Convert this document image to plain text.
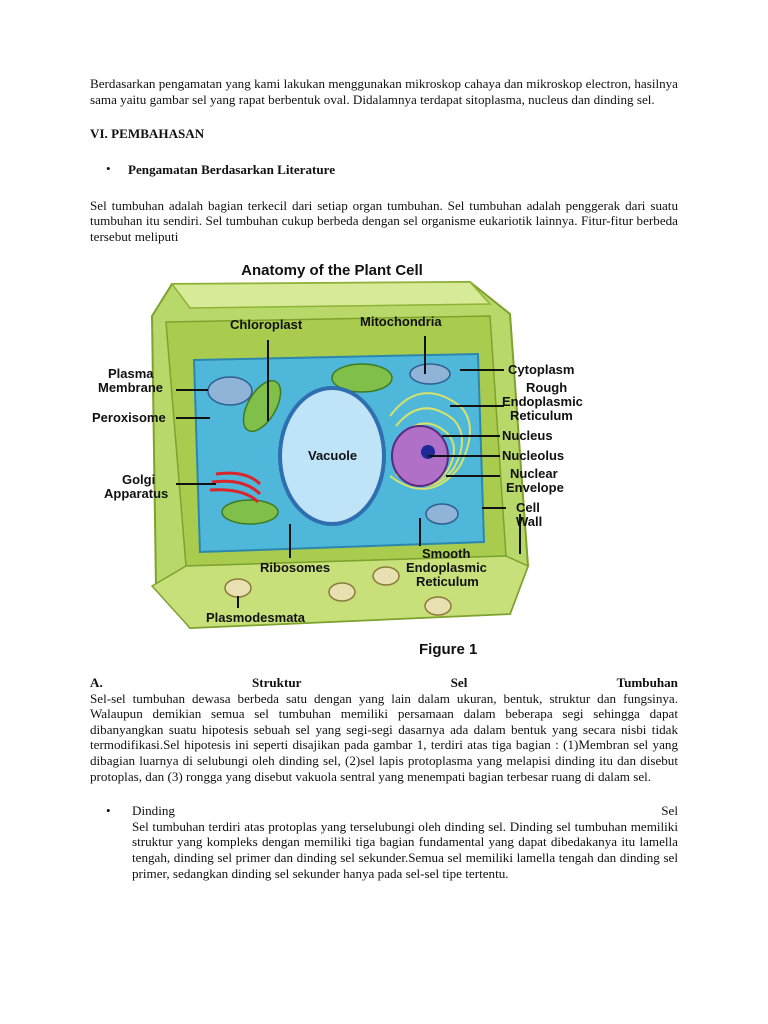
Berdasarkan pengamatan yang kami lakukan menggunakan mikroskop cahaya dan mikroskop electron, hasilnya sama yaitu gambar sel yang rapat berbentuk oval. Didalamnya terdapat sitoplasma, nucleus dan dinding sel.

VI. PEMBAHASAN

• Pengamatan Berdasarkan Literature

Sel tumbuhan adalah bagian terkecil dari setiap organ tumbuhan. Sel tumbuhan adalah penggerak dari suatu tumbuhan itu sendiri. Sel tumbuhan cukup berbeda dengan sel organisme eukariotik lainnya. Fitur-fitur berbeda tersebut meliputi

Anatomy of the Plant Cell
Chloroplast	Mitochondria
Plasma
Membrane
Peroxisome
Golgi
Apparatus
Vacuole
Cytoplasm
Rough
Endoplasmic
Reticulum
Nucleus
Nucleolus
Nuclear
Envelope
Cell
Wall
Ribosomes
Smooth
Endoplasmic
Reticulum
Plasmodesmata
Figure 1
A.	Struktur	Sel	Tumbuhan

Sel-sel tumbuhan dewasa berbeda satu dengan yang lain dalam ukuran, bentuk, struktur dan fungsinya. Walaupun demikian semua sel tumbuhan memiliki persamaan dalam beberapa segi sehingga dapat dibanyangkan suatu hipotesis sebuah sel yang segi-segi dasarnya ada dalam bentuk yang secara nisbi tidak termodifikasi.Sel hipotesis ini seperti disajikan pada gambar 1, terdiri atas tiga bagian : (1)Membran sel yang dibagian luarnya di selubungi oleh dinding sel, (2)sel lapis protoplasma yang melapisi dinding itu dan disebut protoplas, dan (3) rongga yang disebut vakuola sentral yang menempati bagian terbesar ruang di dalam sel.

• Dinding	Sel

Sel tumbuhan terdiri atas protoplas yang terselubungi oleh dinding sel. Dinding sel tumbuhan memiliki struktur yang kompleks dengan memiliki tiga bagian fundamental yang dapat dibedakanya itu lamella tengah, dinding sel primer dan dinding sel sekunder.Semua sel memiliki lamella tengah dan dinding sel primer, sedangkan dinding sel sekunder hanya pada sel-sel tipe tertentu.
